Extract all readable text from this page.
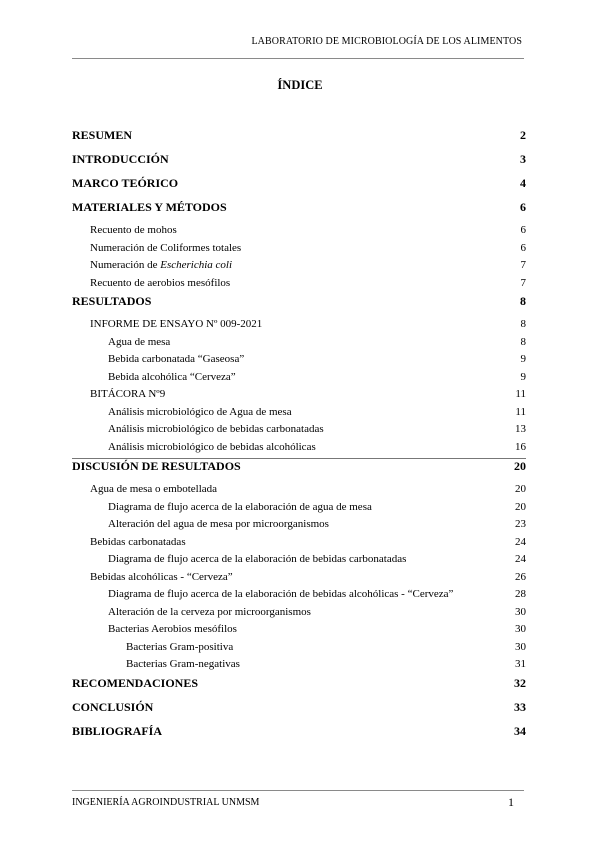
LABORATORIO DE MICROBIOLOGÍA DE LOS ALIMENTOS
ÍNDICE
RESUMEN	2
INTRODUCCIÓN	3
MARCO TEÓRICO	4
MATERIALES Y MÉTODOS	6
Recuento de mohos	6
Numeración de Coliformes totales	6
Numeración de Escherichia coli	7
Recuento de aerobios mesófilos	7
RESULTADOS	8
INFORME DE ENSAYO Nº 009-2021	8
Agua de mesa	8
Bebida carbonatada “Gaseosa”	9
Bebida alcohólica “Cerveza”	9
BITÁCORA Nº9	11
Análisis microbiológico de Agua de mesa	11
Análisis microbiológico de bebidas carbonatadas	13
Análisis microbiológico de bebidas alcohólicas	16
DISCUSIÓN DE RESULTADOS	20
Agua de mesa o embotellada	20
Diagrama de flujo acerca de la elaboración de agua de mesa	20
Alteración del agua de mesa por microorganismos	23
Bebidas carbonatadas	24
Diagrama de flujo acerca de la elaboración de bebidas carbonatadas	24
Bebidas alcohólicas - “Cerveza”	26
Diagrama de flujo acerca de la elaboración de bebidas alcohólicas - “Cerveza”	28
Alteración de la cerveza por microorganismos	30
Bacterias Aerobios mesófilos	30
Bacterias Gram-positiva	30
Bacterias Gram-negativas	31
RECOMENDACIONES	32
CONCLUSIÓN	33
BIBLIOGRAFÍA	34
INGENIERÍA AGROINDUSTRIAL UNMSM	1
